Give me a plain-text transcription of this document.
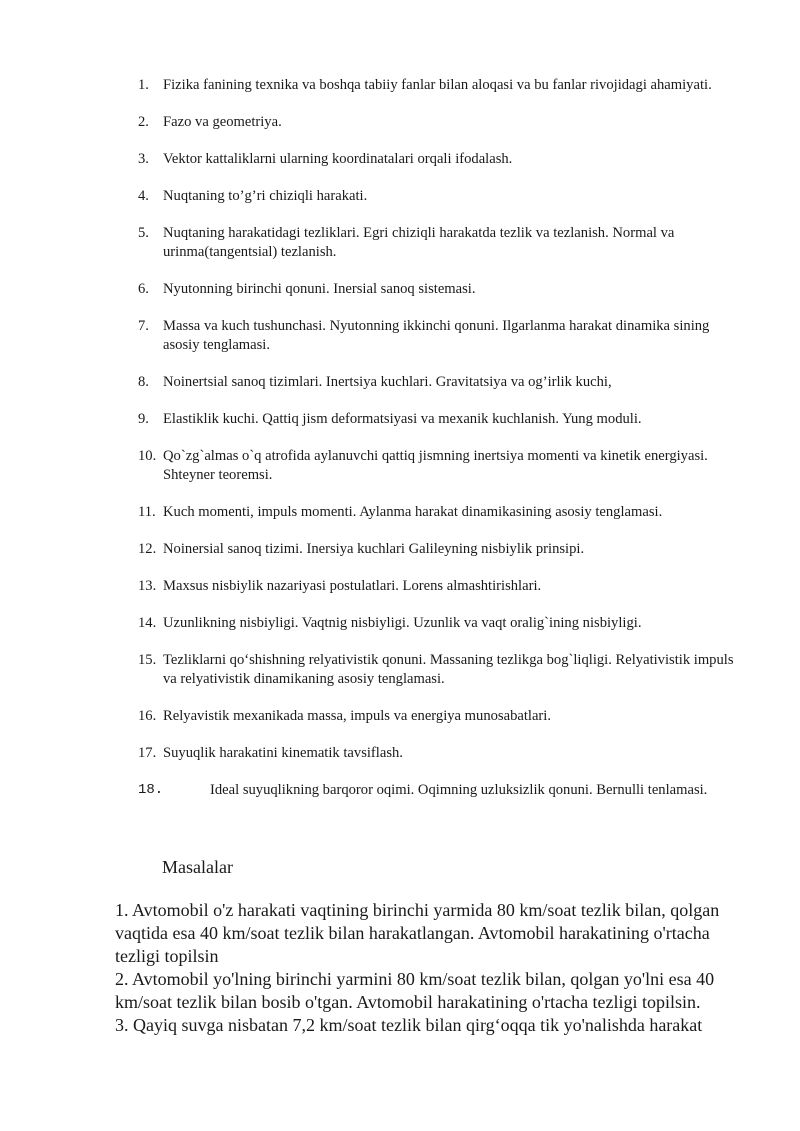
1. Fizika fanining texnika va boshqa tabiiy fanlar bilan aloqasi va bu fanlar rivojidagi ahamiyati.
2. Fazo va geometriya.
3. Vektor kattaliklarni ularning koordinatalari orqali ifodalash.
4. Nuqtaning to’g’ri chiziqli harakati.
5. Nuqtaning harakatidagi tezliklari. Egri chiziqli harakatda tezlik va tezlanish. Normal va urinma(tangentsial) tezlanish.
6. Nyutonning birinchi qonuni. Inersial sanoq sistemasi.
7. Massa va kuch tushunchasi. Nyutonning ikkinchi qonuni. Ilgarlanma harakat dinamika sining asosiy tenglamasi.
8. Noinertsial sanoq tizimlari. Inertsiya kuchlari. Gravitatsiya va og’irlik kuchi,
9. Elastiklik kuchi. Qattiq jism deformatsiyasi va mexanik kuchlanish. Yung moduli.
10. Qo`zg`almas o`q atrofida aylanuvchi qattiq jismning inertsiya momenti va kinetik energiyasi. Shteyner teoremsi.
11. Kuch momenti, impuls momenti. Aylanma harakat dinamikasining asosiy tenglamasi.
12. Noinersial sanoq tizimi. Inersiya kuchlari Galileyning nisbiylik prinsipi.
13. Maxsus nisbiylik nazariyasi postulatlari. Lorens almashtirishlari.
14. Uzunlikning nisbiyligi. Vaqtnig nisbiyligi. Uzunlik va vaqt oralig`ining nisbiyligi.
15. Tezliklarni qo‘shishning relyativistik qonuni. Massaning tezlikga bog`liqligi. Relyativistik impuls va relyativistik dinamikaning asosiy tenglamasi.
16. Relyavistik mexanikada massa, impuls va energiya munosabatlari.
17. Suyuqlik harakatini kinematik tavsiflash.
18.	Ideal suyuqlikning barqoror oqimi. Oqimning uzluksizlik qonuni. Bernulli tenlamasi.
Masalalar

1. Avtomobil o'z harakati vaqtining birinchi yarmida 80 km/soat tezlik bilan, qolgan vaqtida esa 40 km/soat tezlik bilan harakatlangan. Avtomobil harakatining o'rtacha tezligi topilsin

2. Avtomobil yo'lning birinchi yarmini 80 km/soat tezlik bilan, qolgan yo'lni esa 40 km/soat tezlik bilan bosib o'tgan. Avtomobil harakatining o'rtacha tezligi topilsin.

3. Qayiq suvga nisbatan 7,2 km/soat tezlik bilan qirg‘oqqa tik yo'nalishda harakat
